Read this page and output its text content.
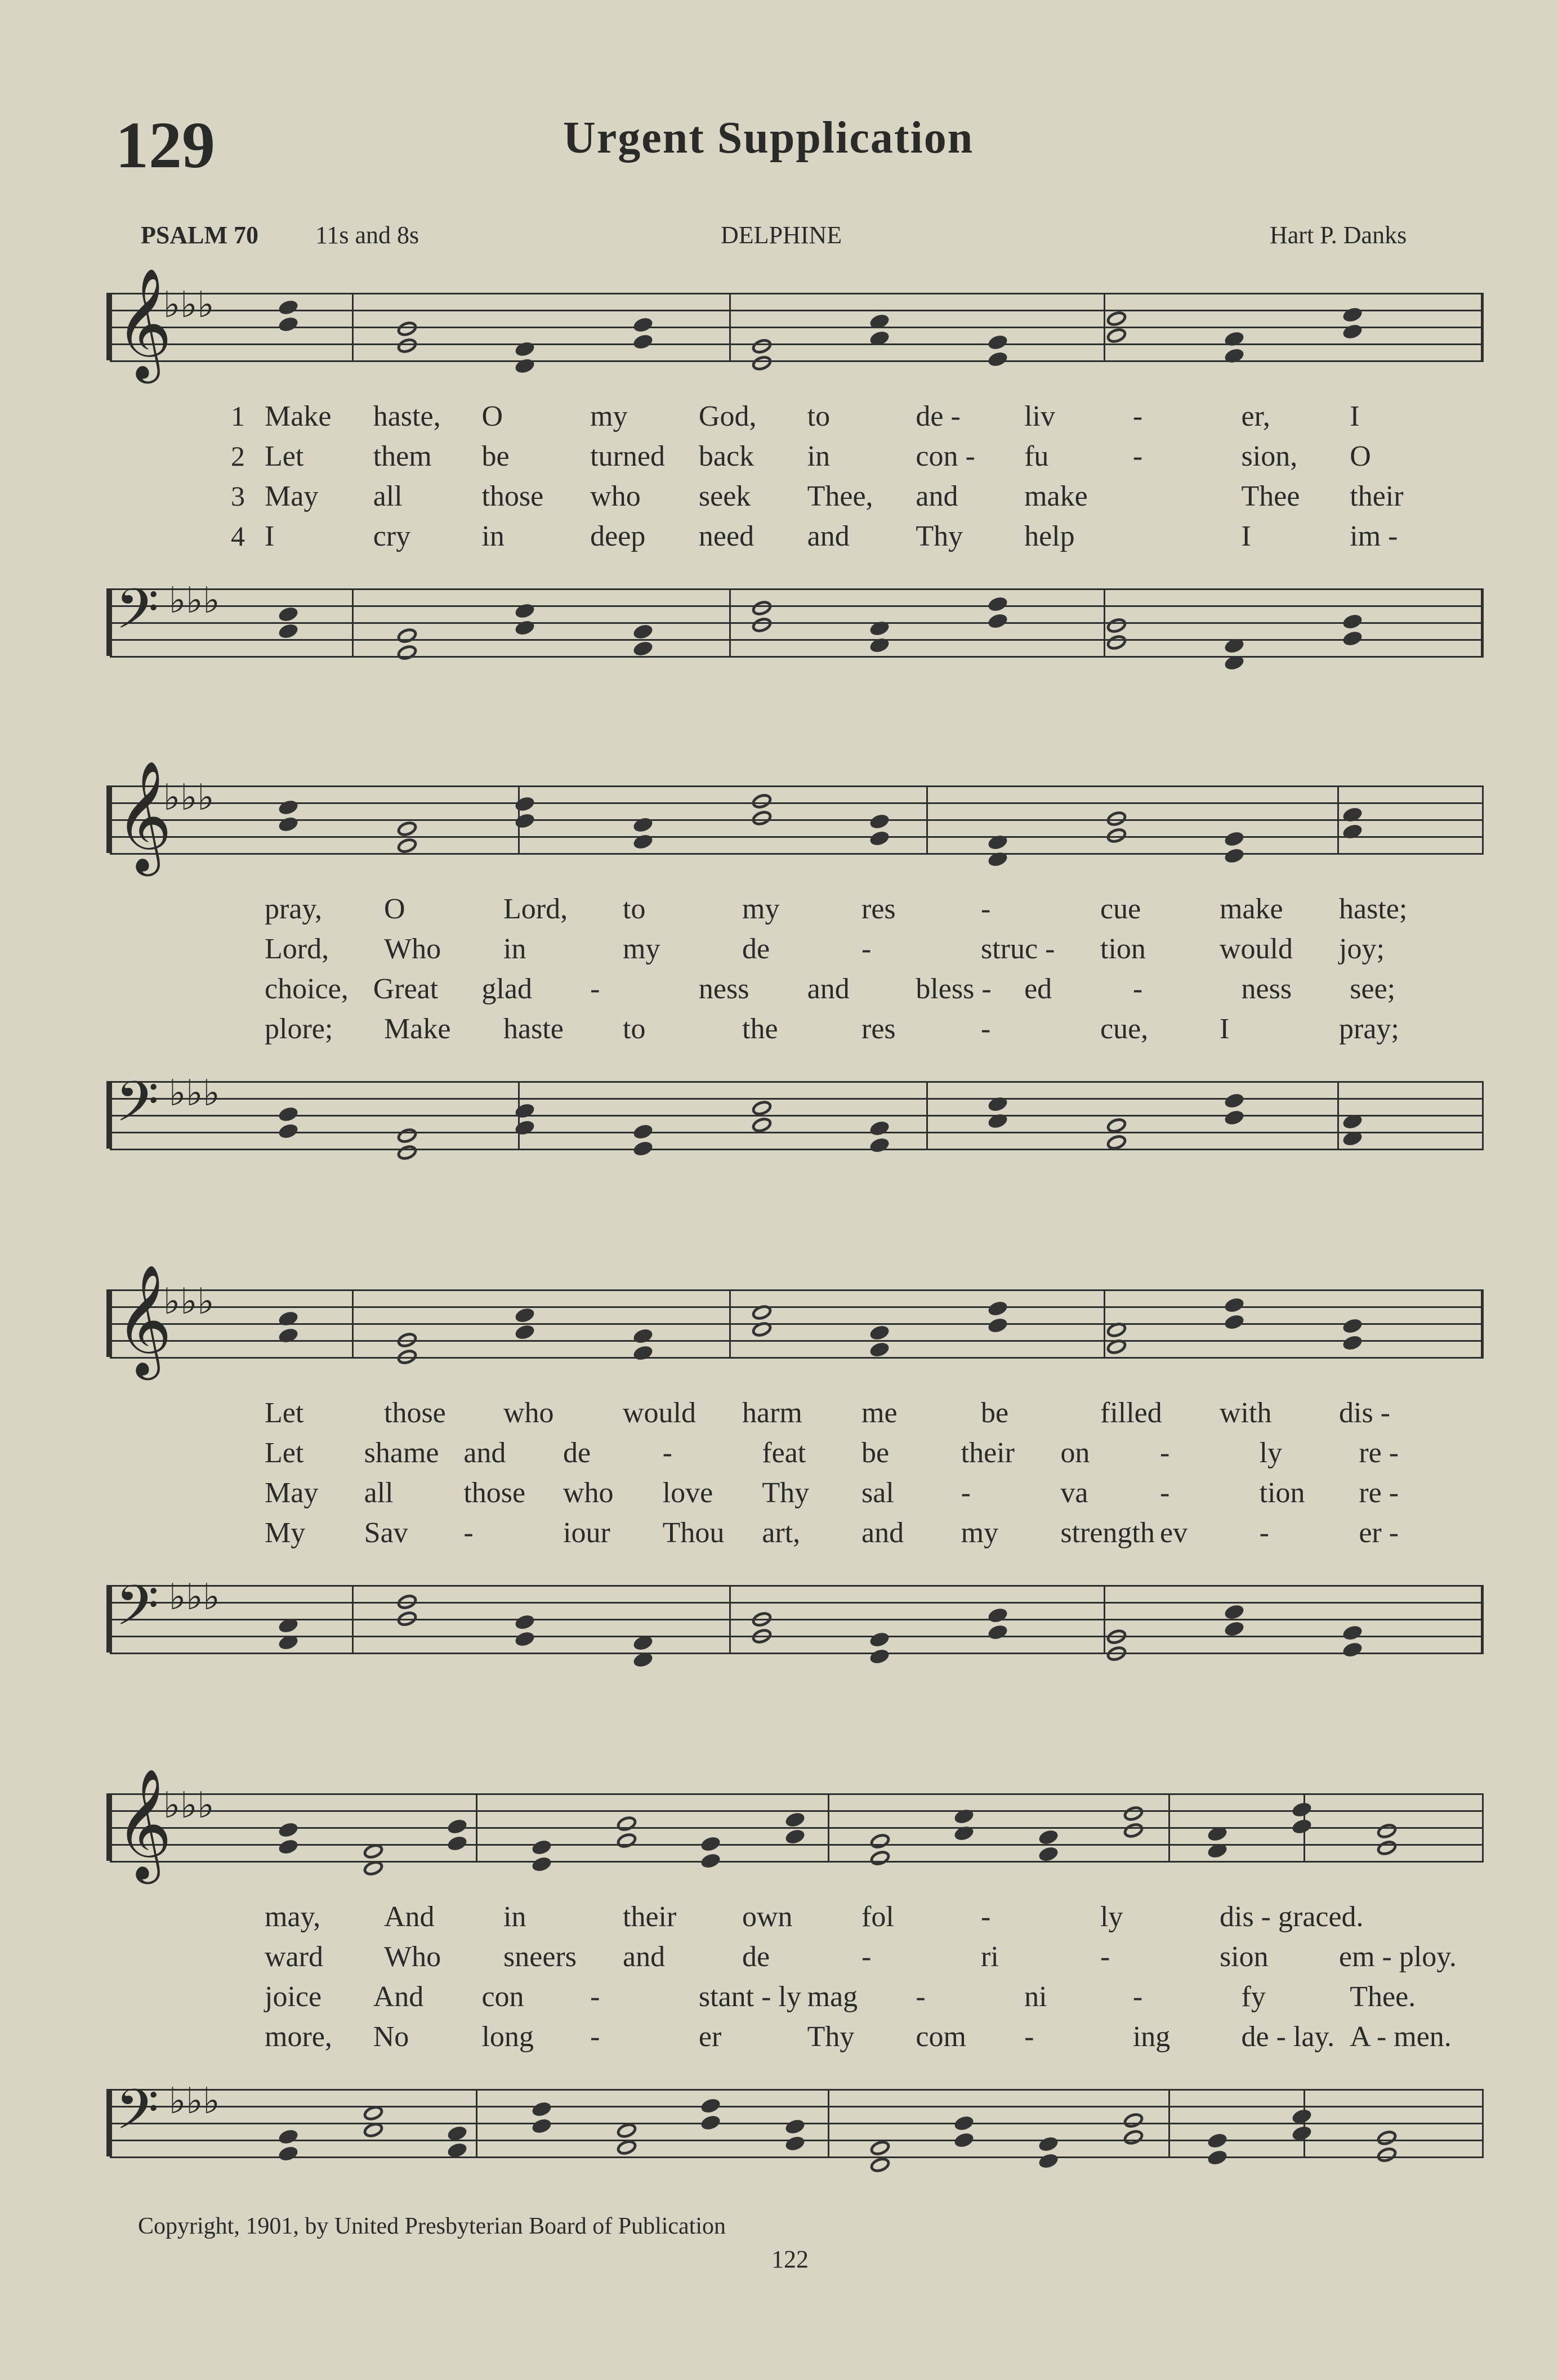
129	Urgent Supplication
PSALM 70 11s and 8s	DELPHINE	Hart P. Danks
𝄞
♭♭♭
𝄢 ♭♭♭
1 Make haste, O	my God, to	de - liv	-	er,	I
2 Let them be	turned back in	con - fu	-	sion, O
3 May all	those who seek Thee, and make	Thee their
4 I	cry in	deep need and Thy help	I	im -
𝄞
♭♭♭
𝄢 ♭♭♭
pray, O	Lord, to	my	res	-	cue	make haste;
Lord, Who in	my	de	-	struc - tion	would joy;
choice, Great glad -	ness and bless - ed	-	ness see;
plore; Make haste to	the	res	-	cue, I	pray;
𝄞
♭♭♭
𝄢 ♭♭♭
Let	those who would harm me	be	filled with dis -
Let shame and de -	feat be their on -	ly	re -
May all those who love Thy sal -	va -	tion re -
My Sav -	iour Thou art, and my strength ev -	er -
𝄞
♭♭♭
𝄢 ♭♭♭
may, And in	their own fol	-	ly	dis - graced.
ward Who sneers and	de	-	ri	-	sion em - ploy.
joice And con -	stant - ly mag -	ni	-	fy	Thee.
more, No long -	er	Thy com -	ing de - lay. A - men.
Copyright, 1901, by United Presbyterian Board of Publication
122
